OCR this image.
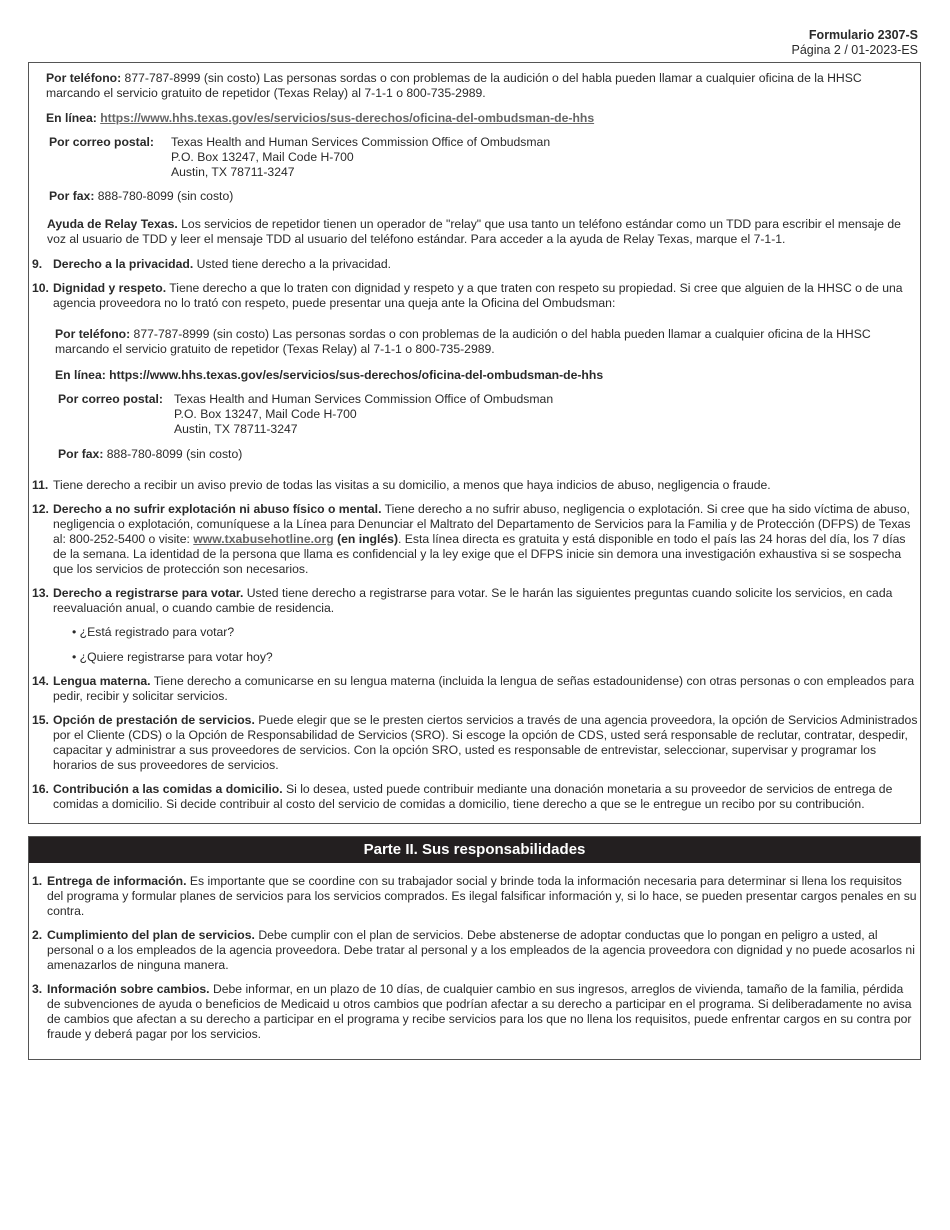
Formulario 2307-S
Página 2 / 01-2023-ES

Por teléfono: 877-787-8999 (sin costo) Las personas sordas o con problemas de la audición o del habla pueden llamar a cualquier oficina de la HHSC marcando el servicio gratuito de repetidor (Texas Relay) al 7-1-1 o 800-735-2989.

En línea: https://www.hhs.texas.gov/es/servicios/sus-derechos/oficina-del-ombudsman-de-hhs

Por correo postal: Texas Health and Human Services Commission Office of Ombudsman
P.O. Box 13247, Mail Code H-700
Austin, TX 78711-3247

Por fax: 888-780-8099 (sin costo)

Ayuda de Relay Texas. Los servicios de repetidor tienen un operador de "relay" que usa tanto un teléfono estándar como un TDD para escribir el mensaje de voz al usuario de TDD y leer el mensaje TDD al usuario del teléfono estándar. Para acceder a la ayuda de Relay Texas, marque el 7-1-1.

9. Derecho a la privacidad. Usted tiene derecho a la privacidad.

10. Dignidad y respeto. Tiene derecho a que lo traten con dignidad y respeto y a que traten con respeto su propiedad. Si cree que alguien de la HHSC o de una agencia proveedora no lo trató con respeto, puede presentar una queja ante la Oficina del Ombudsman:

Por teléfono: 877-787-8999 (sin costo) Las personas sordas o con problemas de la audición o del habla pueden llamar a cualquier oficina de la HHSC marcando el servicio gratuito de repetidor (Texas Relay) al 7-1-1 o 800-735-2989.

En línea: https://www.hhs.texas.gov/es/servicios/sus-derechos/oficina-del-ombudsman-de-hhs

Por correo postal: Texas Health and Human Services Commission Office of Ombudsman
P.O. Box 13247, Mail Code H-700
Austin, TX 78711-3247

Por fax: 888-780-8099 (sin costo)

11. Tiene derecho a recibir un aviso previo de todas las visitas a su domicilio, a menos que haya indicios de abuso, negligencia o fraude.

12. Derecho a no sufrir explotación ni abuso físico o mental. Tiene derecho a no sufrir abuso, negligencia o explotación. Si cree que ha sido víctima de abuso, negligencia o explotación, comuníquese a la Línea para Denunciar el Maltrato del Departamento de Servicios para la Familia y de Protección (DFPS) de Texas al: 800-252-5400 o visite: www.txabusehotline.org (en inglés). Esta línea directa es gratuita y está disponible en todo el país las 24 horas del día, los 7 días de la semana. La identidad de la persona que llama es confidencial y la ley exige que el DFPS inicie sin demora una investigación exhaustiva si se sospecha que los servicios de protección son necesarios.

13. Derecho a registrarse para votar. Usted tiene derecho a registrarse para votar. Se le harán las siguientes preguntas cuando solicite los servicios, en cada reevaluación anual, o cuando cambie de residencia.

• ¿Está registrado para votar?

• ¿Quiere registrarse para votar hoy?

14. Lengua materna. Tiene derecho a comunicarse en su lengua materna (incluida la lengua de señas estadounidense) con otras personas o con empleados para pedir, recibir y solicitar servicios.

15. Opción de prestación de servicios. Puede elegir que se le presten ciertos servicios a través de una agencia proveedora, la opción de Servicios Administrados por el Cliente (CDS) o la Opción de Responsabilidad de Servicios (SRO). Si escoge la opción de CDS, usted será responsable de reclutar, contratar, despedir, capacitar y administrar a sus proveedores de servicios. Con la opción SRO, usted es responsable de entrevistar, seleccionar, supervisar y programar los horarios de sus proveedores de servicios.

16. Contribución a las comidas a domicilio. Si lo desea, usted puede contribuir mediante una donación monetaria a su proveedor de servicios de entrega de comidas a domicilio. Si decide contribuir al costo del servicio de comidas a domicilio, tiene derecho a que se le entregue un recibo por su contribución.

Parte II. Sus responsabilidades
1. Entrega de información. Es importante que se coordine con su trabajador social y brinde toda la información necesaria para determinar si llena los requisitos del programa y formular planes de servicios para los servicios comprados. Es ilegal falsificar información y, si lo hace, se pueden presentar cargos penales en su contra.

2. Cumplimiento del plan de servicios. Debe cumplir con el plan de servicios. Debe abstenerse de adoptar conductas que lo pongan en peligro a usted, al personal o a los empleados de la agencia proveedora. Debe tratar al personal y a los empleados de la agencia proveedora con dignidad y no puede acosarlos ni amenazarlos de ninguna manera.

3. Información sobre cambios. Debe informar, en un plazo de 10 días, de cualquier cambio en sus ingresos, arreglos de vivienda, tamaño de la familia, pérdida de subvenciones de ayuda o beneficios de Medicaid u otros cambios que podrían afectar a su derecho a participar en el programa. Si deliberadamente no avisa de cambios que afectan a su derecho a participar en el programa y recibe servicios para los que no llena los requisitos, puede enfrentar cargos en su contra por fraude y deberá pagar por los servicios.
